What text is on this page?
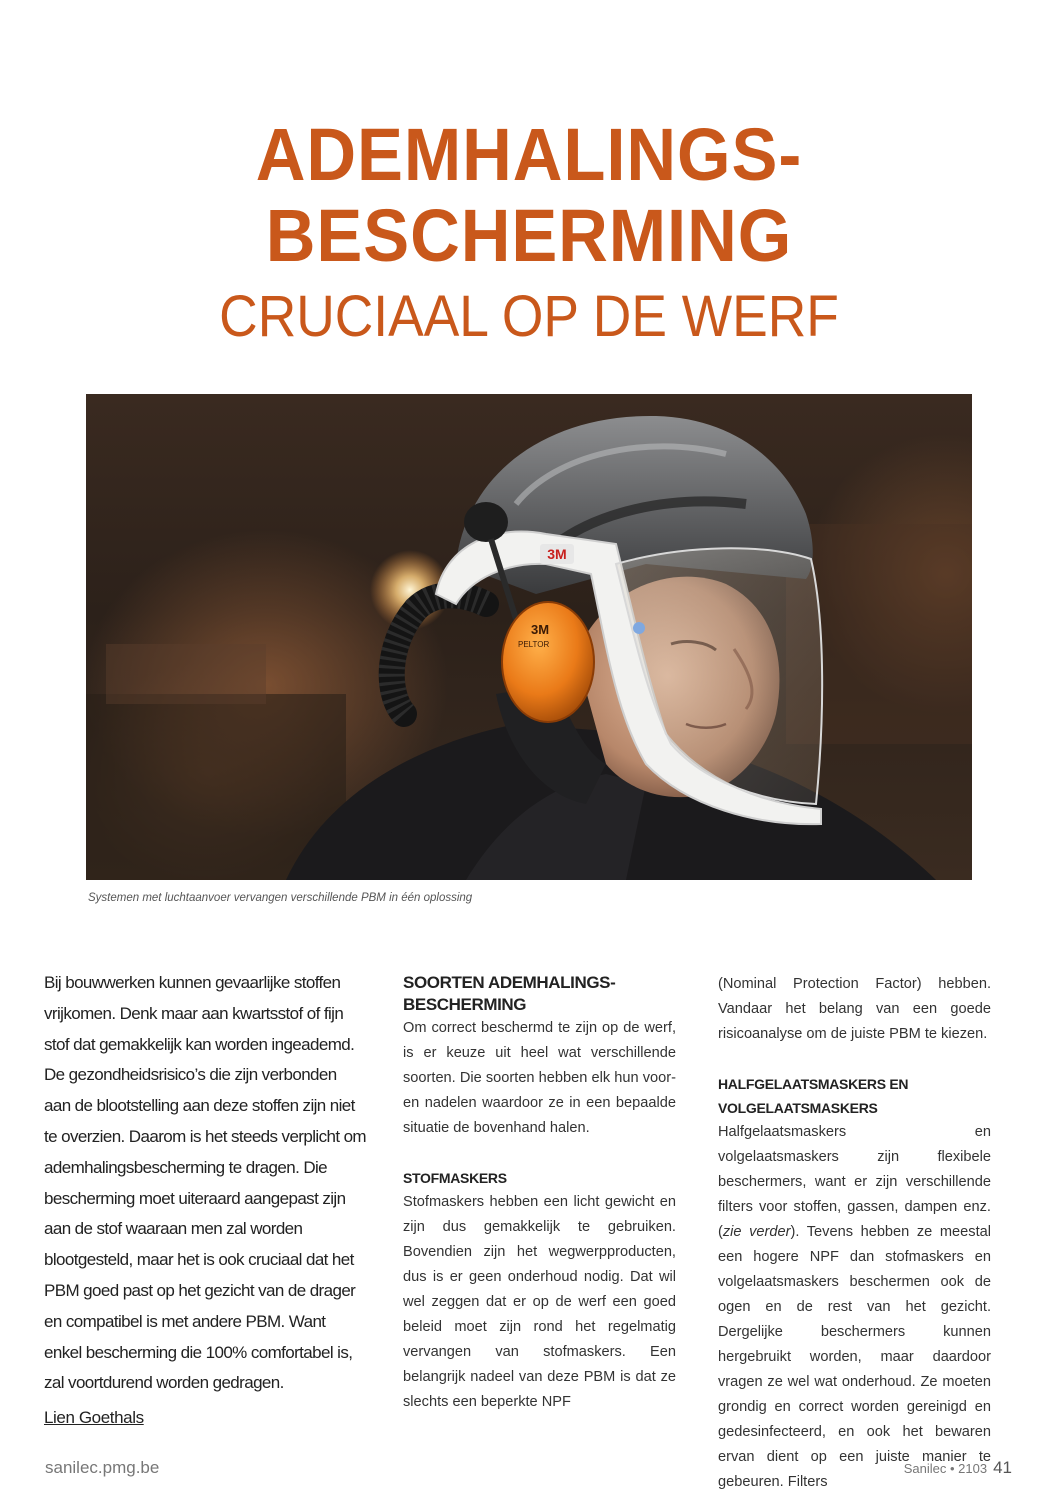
ADEMHALINGS-
BESCHERMING
CRUCIAAL OP DE WERF
3M
3M
PELTOR
Systemen met luchtaanvoer vervangen verschillende PBM in één oplossing
Bij bouwwerken kunnen gevaarlijke stoffen vrijkomen. Denk maar aan kwartsstof of fijn stof dat gemakkelijk kan worden ingeademd. De gezondheidsrisico’s die zijn verbonden aan de blootstelling aan deze stoffen zijn niet te overzien. Daarom is het steeds verplicht om ademhalingsbescherming te dragen. Die bescherming moet uiteraard aangepast zijn aan de stof waaraan men zal worden blootgesteld, maar het is ook cruciaal dat het PBM goed past op het gezicht van de drager en compatibel is met andere PBM. Want enkel bescherming die 100% comfortabel is, zal voortdurend worden gedragen.
Lien Goethals
SOORTEN ADEMHALINGS-BESCHERMING
Om correct beschermd te zijn op de werf, is er keuze uit heel wat verschillende soorten. Die soorten hebben elk hun voor- en nadelen waardoor ze in een bepaalde situatie de bovenhand halen.
STOFMASKERS
Stofmaskers hebben een licht gewicht en zijn dus gemakkelijk te gebruiken. Bovendien zijn het wegwerpproducten, dus is er geen onderhoud nodig. Dat wil wel zeggen dat er op de werf een goed beleid moet zijn rond het regelmatig vervangen van stofmaskers. Een belangrijk nadeel van deze PBM is dat ze slechts een beperkte NPF
(Nominal Protection Factor) hebben. Vandaar het belang van een goede risicoanalyse om de juiste PBM te kiezen.
HALFGELAATSMASKERS EN VOLGELAATSMASKERS
Halfgelaatsmaskers en volgelaatsmaskers zijn flexibele beschermers, want er zijn verschillende filters voor stoffen, gassen, dampen enz. (zie verder). Tevens hebben ze meestal een hogere NPF dan stofmaskers en volgelaatsmaskers beschermen ook de ogen en de rest van het gezicht. Dergelijke beschermers kunnen hergebruikt worden, maar daardoor vragen ze wel wat onderhoud. Ze moeten grondig en correct worden gereinigd en gedesinfecteerd, en ook het bewaren ervan dient op een juiste manier te gebeuren. Filters
sanilec.pmg.be	Sanilec • 2103 41
